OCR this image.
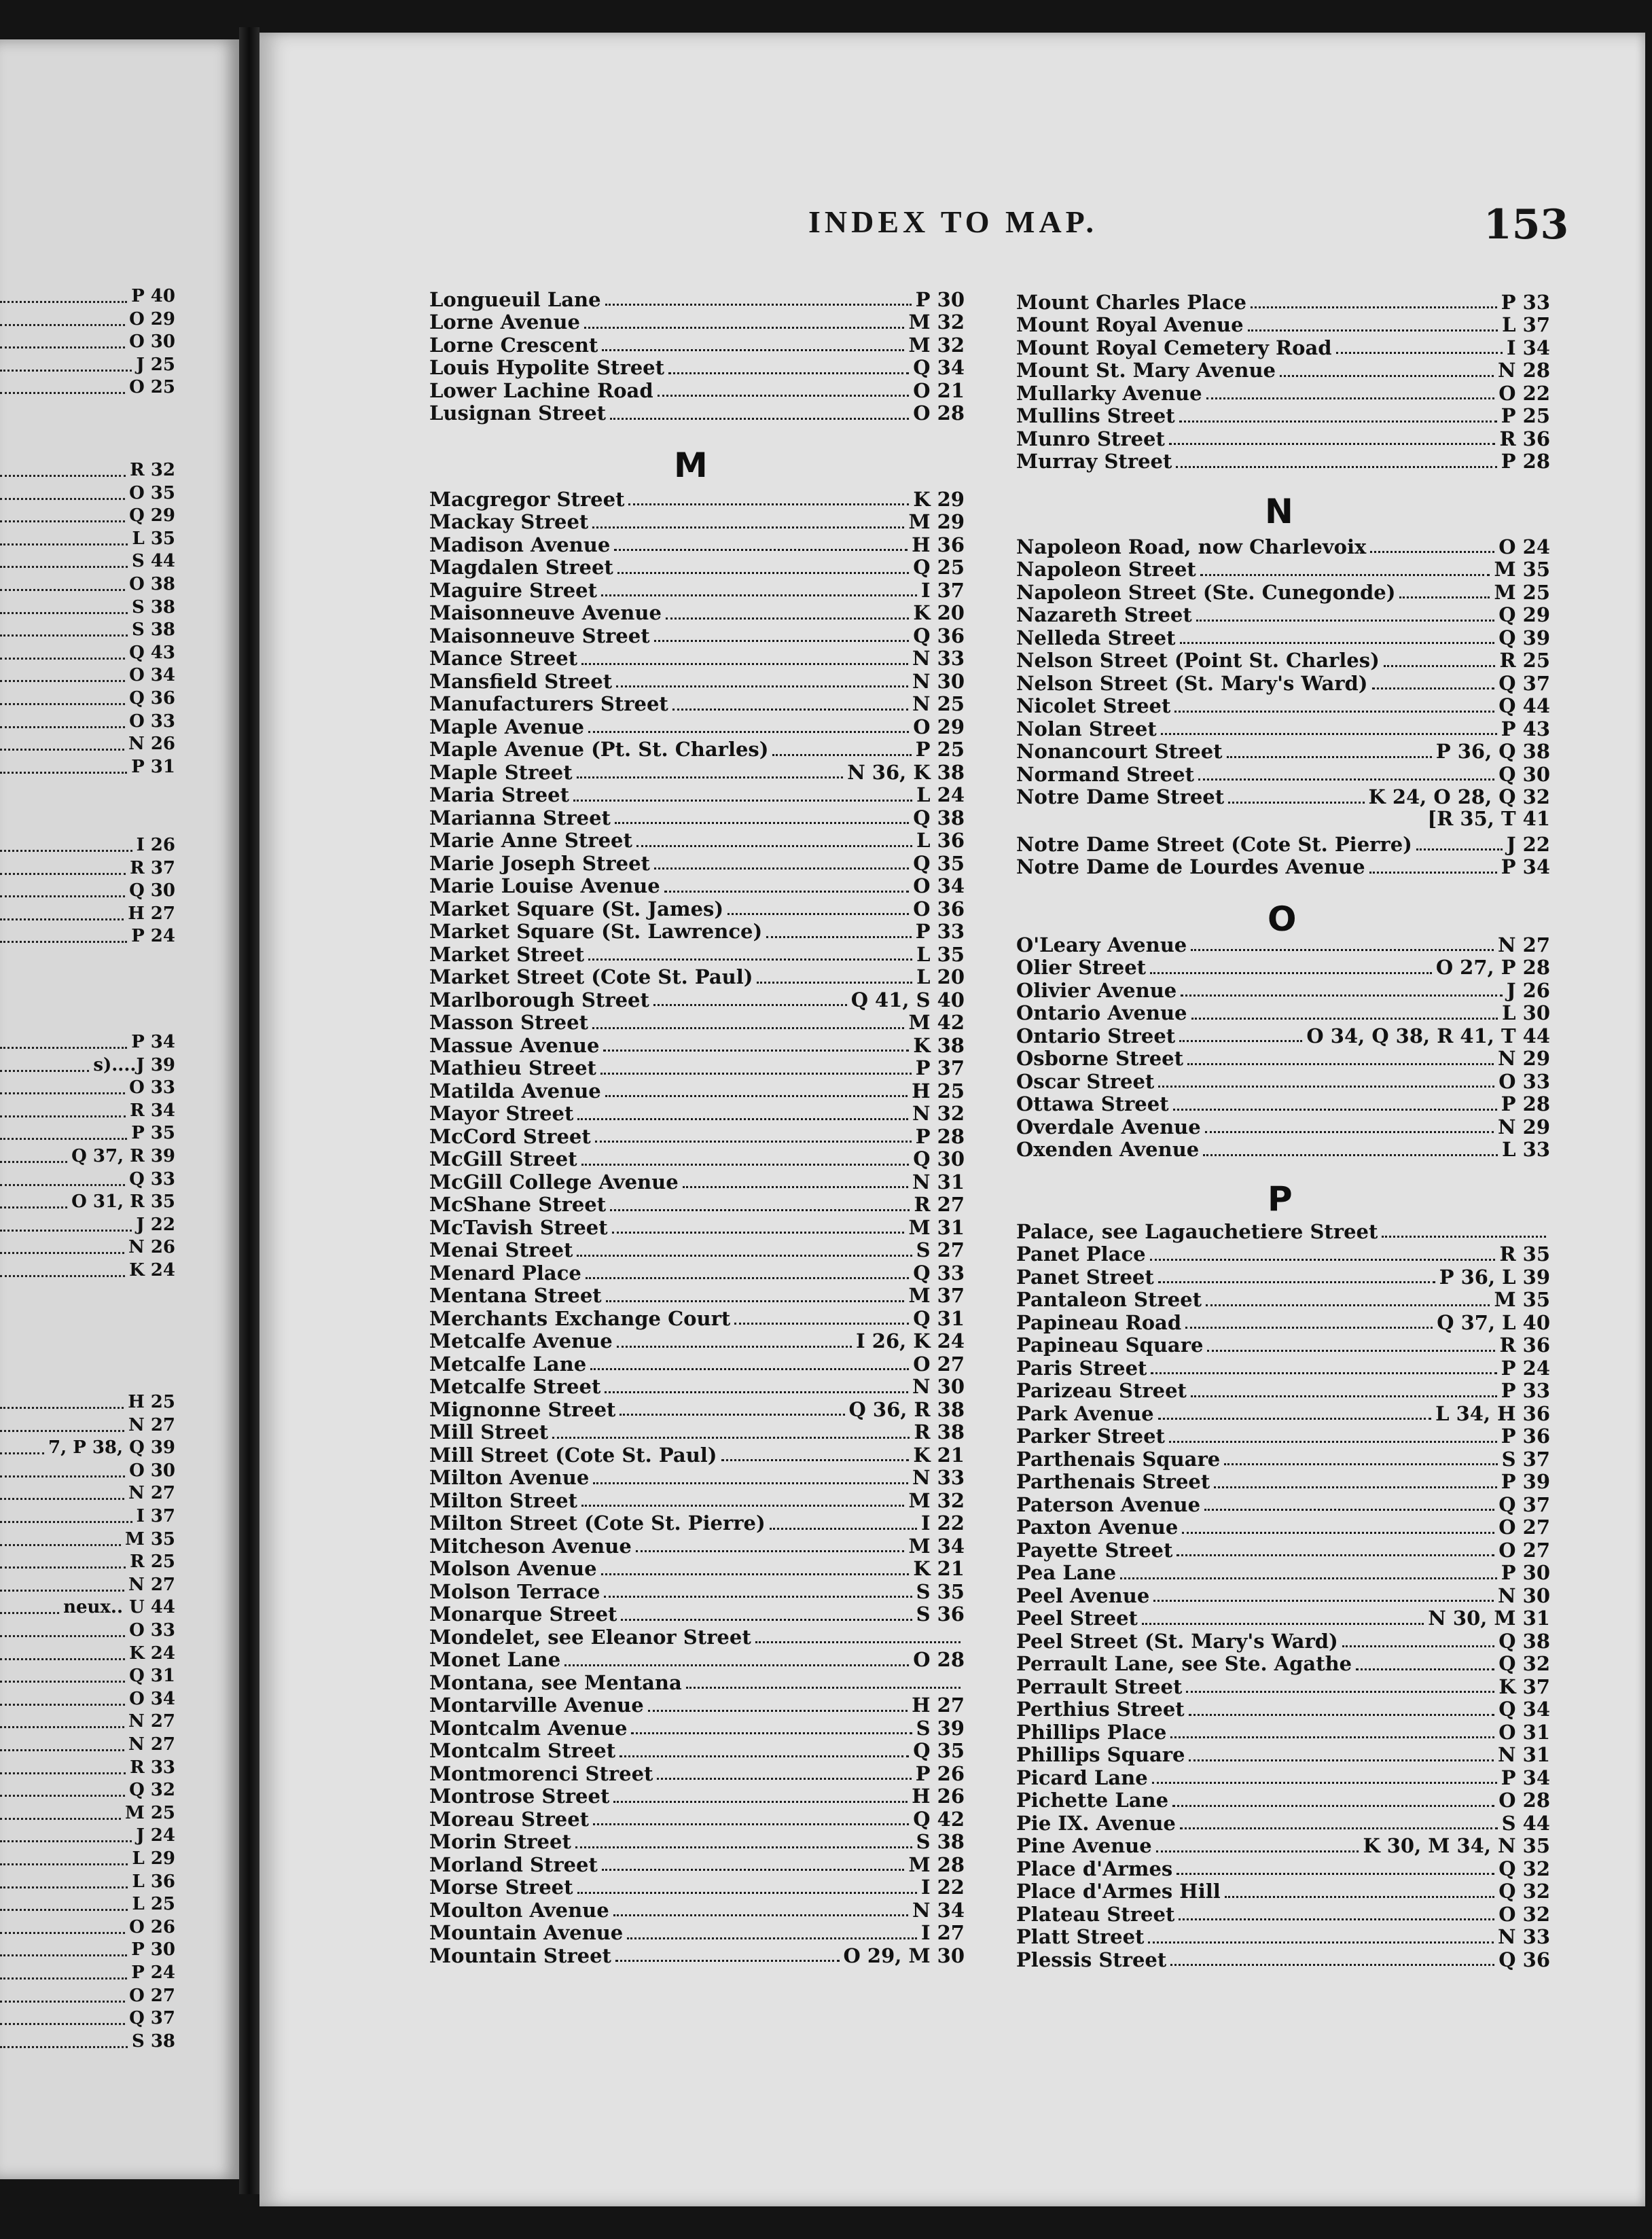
P 40
O 29
O 30
J 25
O 25
R 32
O 35
Q 29
L 35
S 44
O 38
S 38
S 38
Q 43
O 34
Q 36
O 33
N 26
P 31
I 26
R 37
Q 30
H 27
P 24
P 34
s)....J 39
O 33
R 34
P 35
Q 37, R 39
Q 33
O 31, R 35
J 22
N 26
K 24
H 25
N 27
7, P 38, Q 39
O 30
N 27
I 37
M 35
R 25
N 27
neux.. U 44
O 33
K 24
Q 31
O 34
N 27
N 27
R 33
Q 32
M 25
J 24
L 29
L 36
L 25
O 26
P 30
P 24
O 27
Q 37
S 38
INDEX TO MAP.	153
Longueuil Lane	P 30
Lorne Avenue	M 32
Lorne Crescent	M 32
Louis Hypolite Street	Q 34
Lower Lachine Road	O 21
Lusignan Street	O 28
M
Macgregor Street	K 29
Mackay Street	M 29
Madison Avenue	H 36
Magdalen Street	Q 25
Maguire Street	I 37
Maisonneuve Avenue	K 20
Maisonneuve Street	Q 36
Mance Street	N 33
Mansfield Street	N 30
Manufacturers Street	N 25
Maple Avenue	O 29
Maple Avenue (Pt. St. Charles)	P 25
Maple Street	N 36, K 38
Maria Street	L 24
Marianna Street	Q 38
Marie Anne Street	L 36
Marie Joseph Street	Q 35
Marie Louise Avenue	O 34
Market Square (St. James)	O 36
Market Square (St. Lawrence)	P 33
Market Street	L 35
Market Street (Cote St. Paul)	L 20
Marlborough Street	Q 41, S 40
Masson Street	M 42
Massue Avenue	K 38
Mathieu Street	P 37
Matilda Avenue	H 25
Mayor Street	N 32
McCord Street	P 28
McGill Street	Q 30
McGill College Avenue	N 31
McShane Street	R 27
McTavish Street	M 31
Menai Street	S 27
Menard Place	Q 33
Mentana Street	M 37
Merchants Exchange Court	Q 31
Metcalfe Avenue	I 26, K 24
Metcalfe Lane	O 27
Metcalfe Street	N 30
Mignonne Street	Q 36, R 38
Mill Street	R 38
Mill Street (Cote St. Paul)	K 21
Milton Avenue	N 33
Milton Street	M 32
Milton Street (Cote St. Pierre)	I 22
Mitcheson Avenue	M 34
Molson Avenue	K 21
Molson Terrace	S 35
Monarque Street	S 36
Mondelet, see Eleanor Street
Monet Lane	O 28
Montana, see Mentana
Montarville Avenue	H 27
Montcalm Avenue	S 39
Montcalm Street	Q 35
Montmorenci Street	P 26
Montrose Street	H 26
Moreau Street	Q 42
Morin Street	S 38
Morland Street	M 28
Morse Street	I 22
Moulton Avenue	N 34
Mountain Avenue	I 27
Mountain Street	O 29, M 30
Mount Charles Place	P 33
Mount Royal Avenue	L 37
Mount Royal Cemetery Road	I 34
Mount St. Mary Avenue	N 28
Mullarky Avenue	O 22
Mullins Street	P 25
Munro Street	R 36
Murray Street	P 28
N
Napoleon Road, now Charlevoix	O 24
Napoleon Street	M 35
Napoleon Street (Ste. Cunegonde)	M 25
Nazareth Street	Q 29
Nelleda Street	Q 39
Nelson Street (Point St. Charles)	R 25
Nelson Street (St. Mary's Ward)	Q 37
Nicolet Street	Q 44
Nolan Street	P 43
Nonancourt Street	P 36, Q 38
Normand Street	Q 30
Notre Dame Street	K 24, O 28, Q 32
[R 35, T 41
Notre Dame Street (Cote St. Pierre)	J 22
Notre Dame de Lourdes Avenue	P 34
O
O'Leary Avenue	N 27
Olier Street	O 27, P 28
Olivier Avenue	J 26
Ontario Avenue	L 30
Ontario Street	O 34, Q 38, R 41, T 44
Osborne Street	N 29
Oscar Street	O 33
Ottawa Street	P 28
Overdale Avenue	N 29
Oxenden Avenue	L 33
P
Palace, see Lagauchetiere Street
Panet Place	R 35
Panet Street	P 36, L 39
Pantaleon Street	M 35
Papineau Road	Q 37, L 40
Papineau Square	R 36
Paris Street	P 24
Parizeau Street	P 33
Park Avenue	L 34, H 36
Parker Street	P 36
Parthenais Square	S 37
Parthenais Street	P 39
Paterson Avenue	Q 37
Paxton Avenue	O 27
Payette Street	O 27
Pea Lane	P 30
Peel Avenue	N 30
Peel Street	N 30, M 31
Peel Street (St. Mary's Ward)	Q 38
Perrault Lane, see Ste. Agathe	Q 32
Perrault Street	K 37
Perthius Street	Q 34
Phillips Place	O 31
Phillips Square	N 31
Picard Lane	P 34
Pichette Lane	O 28
Pie IX. Avenue	S 44
Pine Avenue	K 30, M 34, N 35
Place d'Armes	Q 32
Place d'Armes Hill	Q 32
Plateau Street	O 32
Platt Street	N 33
Plessis Street	Q 36
